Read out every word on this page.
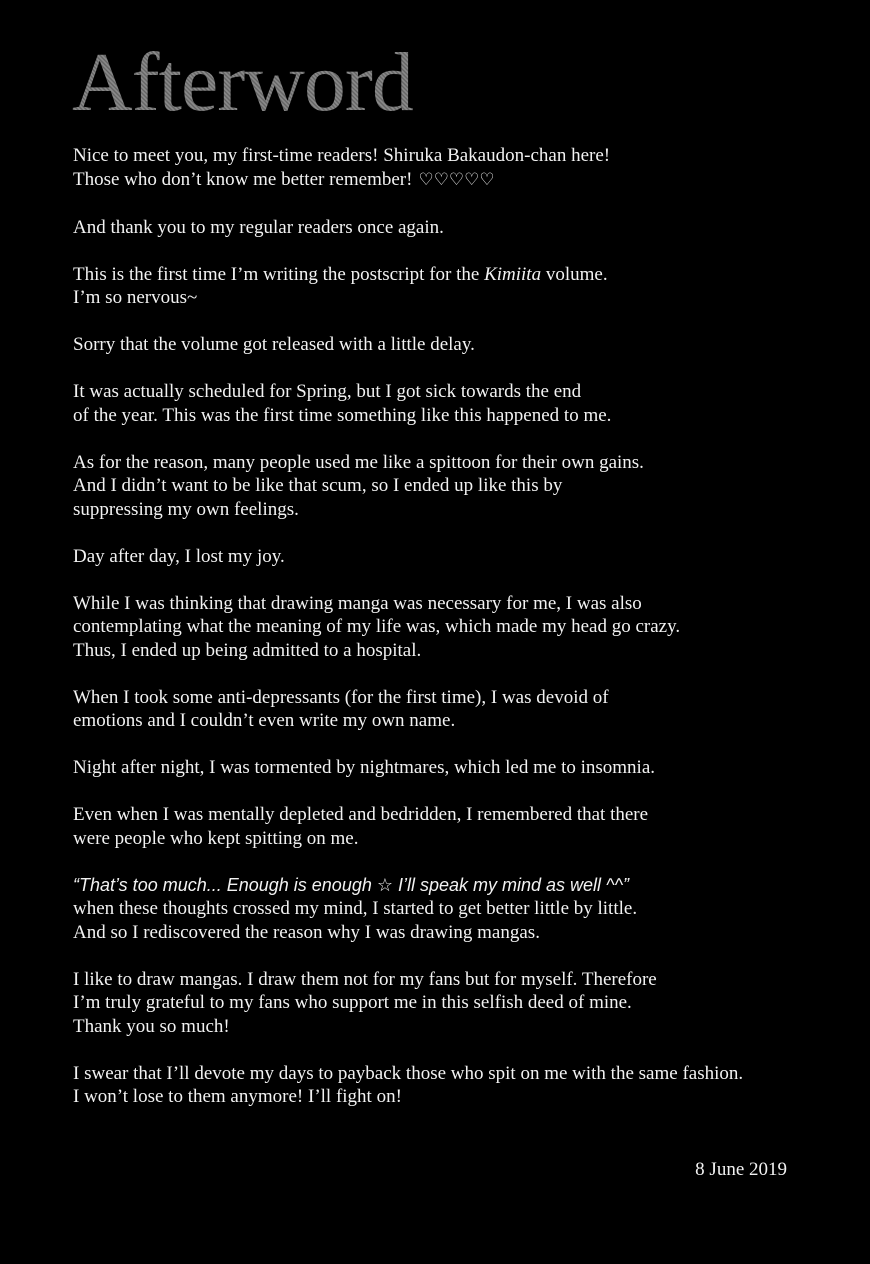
Afterword

Nice to meet you, my first-time readers! Shiruka Bakaudon-chan here!
Those who don’t know me better remember! ♡♡♡♡♡

And thank you to my regular readers once again.

This is the first time I’m writing the postscript for the Kimiita volume.
I’m so nervous~

Sorry that the volume got released with a little delay.

It was actually scheduled for Spring, but I got sick towards the end
of the year. This was the first time something like this happened to me.

As for the reason, many people used me like a spittoon for their own gains.
And I didn’t want to be like that scum, so I ended up like this by
suppressing my own feelings.

Day after day, I lost my joy.

While I was thinking that drawing manga was necessary for me, I was also
contemplating what the meaning of my life was, which made my head go crazy.
Thus, I ended up being admitted to a hospital.

When I took some anti-depressants (for the first time), I was devoid of
emotions and I couldn’t even write my own name.

Night after night, I was tormented by nightmares, which led me to insomnia.

Even when I was mentally depleted and bedridden, I remembered that there
were people who kept spitting on me.

“That’s too much... Enough is enough ☆ I’ll speak my mind as well ^^”
when these thoughts crossed my mind, I started to get better little by little.
And so I rediscovered the reason why I was drawing mangas.

I like to draw mangas. I draw them not for my fans but for myself. Therefore
I’m truly grateful to my fans who support me in this selfish deed of mine.
Thank you so much!

I swear that I’ll devote my days to payback those who spit on me with the same fashion.
I won’t lose to them anymore! I’ll fight on!

8 June 2019
